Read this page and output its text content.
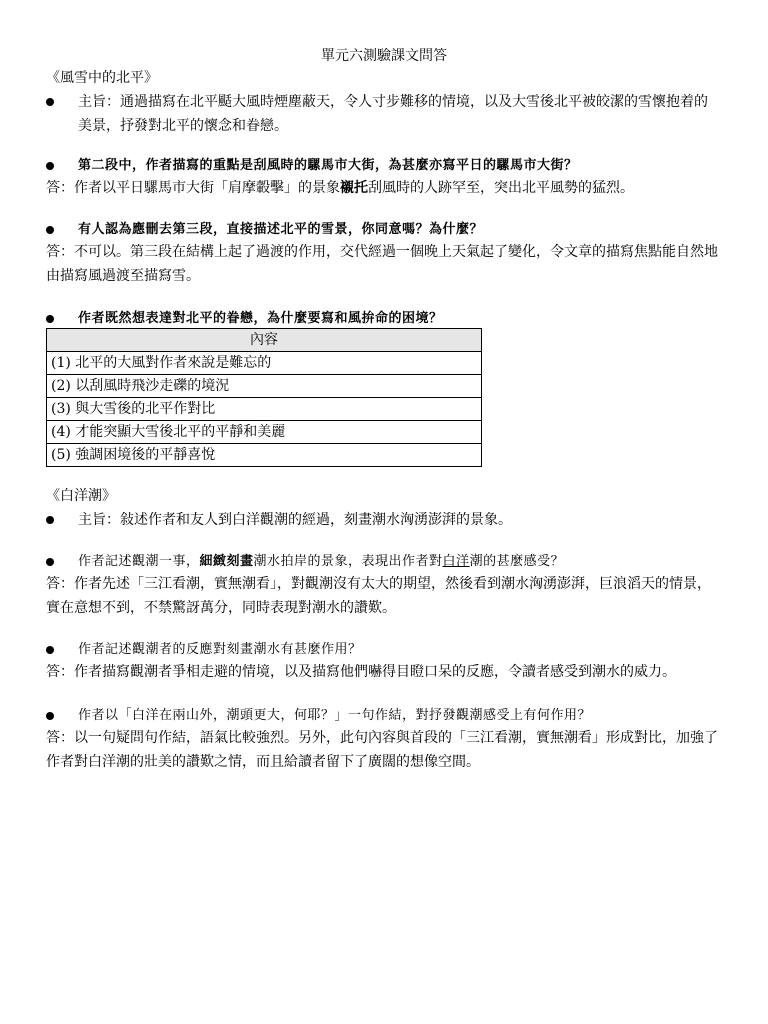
單元六測驗課文問答
《風雪中的北平》
主旨：通過描寫在北平颳大風時煙塵蔽天，令人寸步難移的情境，以及大雪後北平被皎潔的雪懷抱着的美景，抒發對北平的懷念和眷戀。
第二段中，作者描寫的重點是刮風時的騾馬市大街，為甚麼亦寫平日的騾馬市大街？
答：作者以平日騾馬市大街「肩摩轂擊」的景象襯托刮風時的人跡罕至，突出北平風勢的猛烈。
有人認為應刪去第三段，直接描述北平的雪景，你同意嗎？為什麼？
答：不可以。第三段在結構上起了過渡的作用，交代經過一個晚上天氣起了變化，令文章的描寫焦點能自然地由描寫風過渡至描寫雪。
作者既然想表達對北平的眷戀，為什麼要寫和風拚命的困境？
內容
(1) 北平的大風對作者來說是難忘的
(2) 以刮風時飛沙走礫的境況
(3) 與大雪後的北平作對比
(4) 才能突顯大雪後北平的平靜和美麗
(5) 強調困境後的平靜喜悅
《白洋潮》
主旨：敍述作者和友人到白洋觀潮的經過，刻畫潮水洶湧澎湃的景象。
作者記述觀潮一事，細緻刻畫潮水拍岸的景象，表現出作者對白洋潮的甚麼感受？
答：作者先述「三江看潮，實無潮看」，對觀潮沒有太大的期望，然後看到潮水洶湧澎湃，巨浪滔天的情景，實在意想不到，不禁驚訝萬分，同時表現對潮水的讚歎。
作者記述觀潮者的反應對刻畫潮水有甚麼作用？
答：作者描寫觀潮者爭相走避的情境，以及描寫他們嚇得目瞪口呆的反應，令讀者感受到潮水的威力。
作者以「白洋在兩山外，潮頭更大，何耶？」一句作結，對抒發觀潮感受上有何作用？
答：以一句疑問句作結，語氣比較強烈。另外，此句內容與首段的「三江看潮，實無潮看」形成對比，加強了作者對白洋潮的壯美的讚歎之情，而且給讀者留下了廣闊的想像空間。
